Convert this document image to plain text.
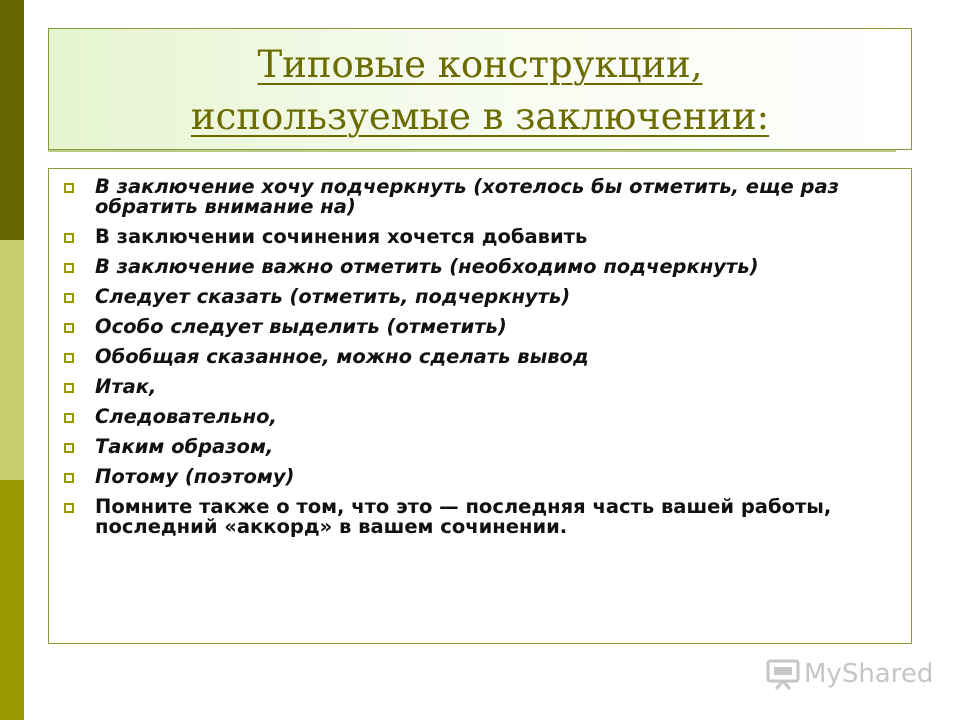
Типовые конструкции,
используемые в заключении:
В заключение хочу подчеркнуть (хотелось бы отметить, еще раз обратить внимание на)
В заключении сочинения хочется добавить
В заключение важно отметить (необходимо подчеркнуть)
Следует сказать (отметить, подчеркнуть)
Особо следует выделить (отметить)
Обобщая сказанное, можно сделать вывод
Итак,
Следовательно,
Таким образом,
Потому (поэтому)
Помните также о том, что это — последняя часть вашей работы, последний «аккорд» в вашем сочинении.
MyShared
